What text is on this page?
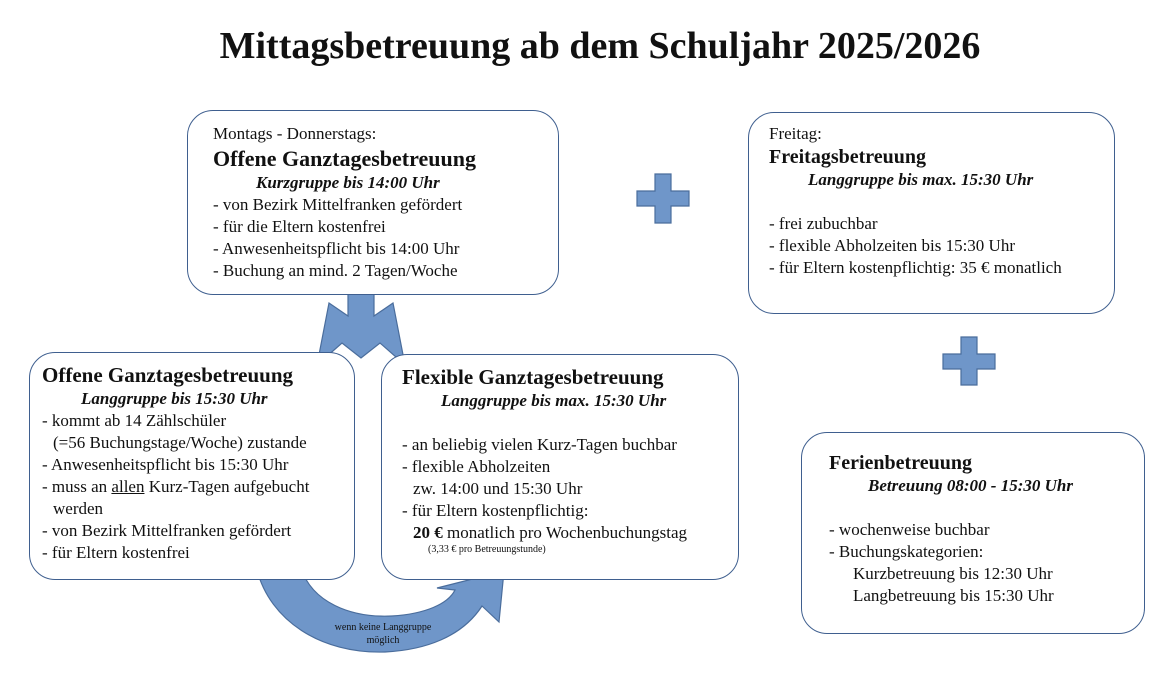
Mittagsbetreuung ab dem Schuljahr 2025/2026
Montags - Donnerstags:
Offene Ganztagesbetreuung
Kurzgruppe bis 14:00 Uhr
- von Bezirk Mittelfranken gefördert
- für die Eltern kostenfrei
- Anwesenheitspflicht bis 14:00 Uhr
- Buchung an mind. 2 Tagen/Woche
Freitag:
Freitagsbetreuung
Langgruppe bis max. 15:30 Uhr
- frei zubuchbar
- flexible Abholzeiten bis 15:30 Uhr
- für Eltern kostenpflichtig: 35 € monatlich
Offene Ganztagesbetreuung
Langgruppe bis 15:30 Uhr
- kommt ab 14 Zählschüler
(=56 Buchungstage/Woche) zustande
- Anwesenheitspflicht bis 15:30 Uhr
- muss an allen Kurz-Tagen aufgebucht
werden
- von Bezirk Mittelfranken gefördert
- für Eltern kostenfrei
Flexible Ganztagesbetreuung
Langgruppe bis max. 15:30 Uhr
- an beliebig vielen Kurz-Tagen buchbar
- flexible Abholzeiten
zw. 14:00 und 15:30 Uhr
- für Eltern kostenpflichtig:
20 € monatlich pro Wochenbuchungstag
(3,33 € pro Betreuungstunde)
Ferienbetreuung
Betreuung 08:00 - 15:30 Uhr
- wochenweise buchbar
- Buchungskategorien:
Kurzbetreuung bis 12:30 Uhr
Langbetreuung bis 15:30 Uhr
wenn keine Langgruppe
möglich
